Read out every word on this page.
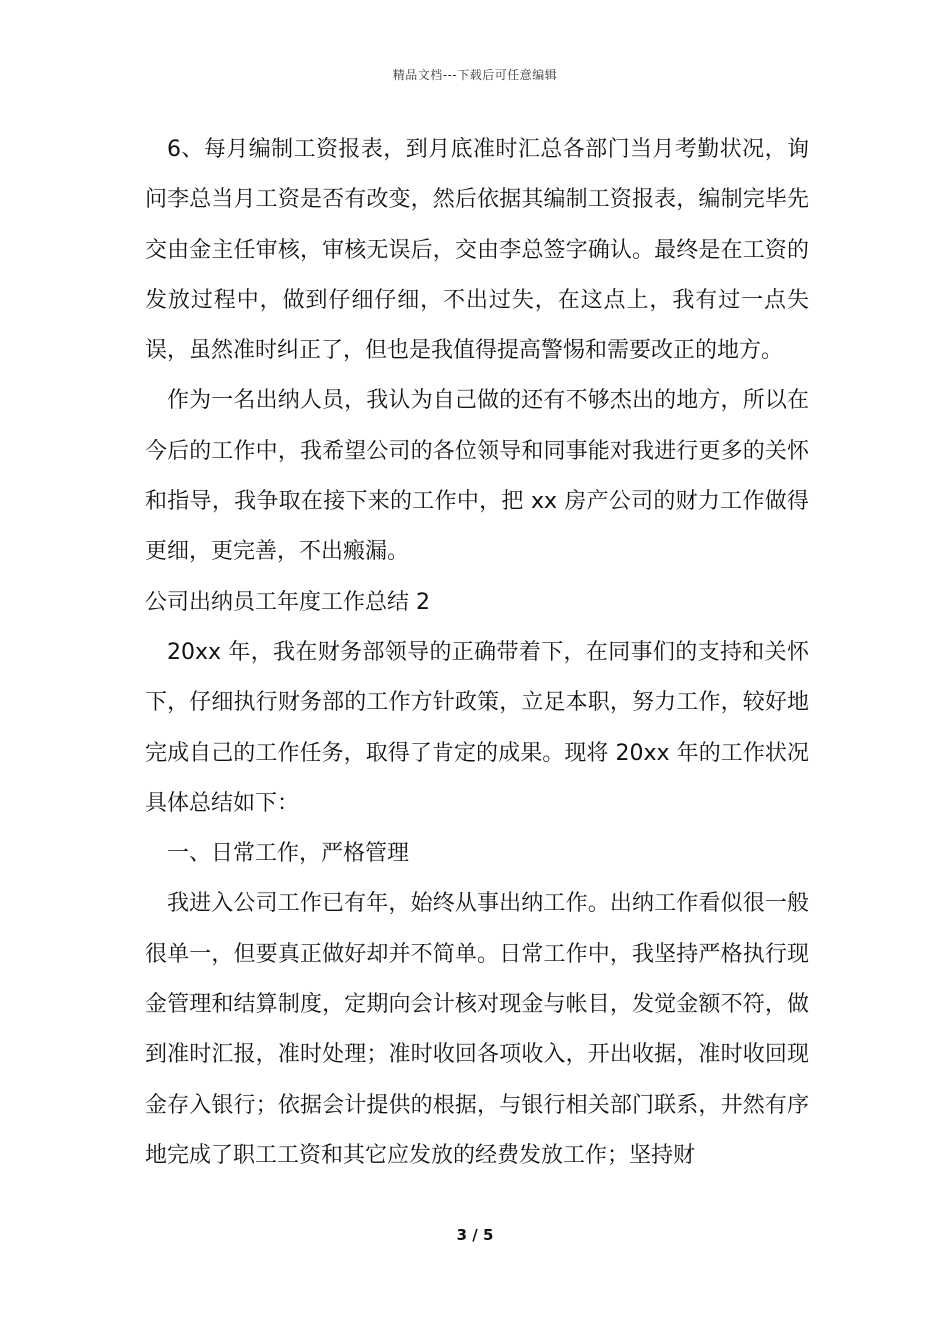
精品文档---下载后可任意编辑

6、每月编制工资报表，到月底准时汇总各部门当月考勤状况，询问李总当月工资是否有改变，然后依据其编制工资报表，编制完毕先交由金主任审核，审核无误后，交由李总签字确认。最终是在工资的发放过程中，做到仔细仔细，不出过失，在这点上，我有过一点失误，虽然准时纠正了，但也是我值得提高警惕和需要改正的地方。

作为一名出纳人员，我认为自己做的还有不够杰出的地方，所以在今后的工作中，我希望公司的各位领导和同事能对我进行更多的关怀和指导，我争取在接下来的工作中，把 xx 房产公司的财力工作做得更细，更完善，不出瘢漏。

公司出纳员工年度工作总结 2

20xx 年，我在财务部领导的正确带着下，在同事们的支持和关怀下，仔细执行财务部的工作方针政策，立足本职，努力工作，较好地完成自己的工作任务，取得了肯定的成果。现将 20xx 年的工作状况具体总结如下：

一、日常工作，严格管理

我进入公司工作已有年，始终从事出纳工作。出纳工作看似很一般很单一，但要真正做好却并不简单。日常工作中，我坚持严格执行现金管理和结算制度，定期向会计核对现金与帐目，发觉金额不符，做到准时汇报，准时处理；准时收回各项收入，开出收据，准时收回现金存入银行；依据会计提供的根据，与银行相关部门联系，井然有序地完成了职工工资和其它应发放的经费发放工作；坚持财

3 / 5
